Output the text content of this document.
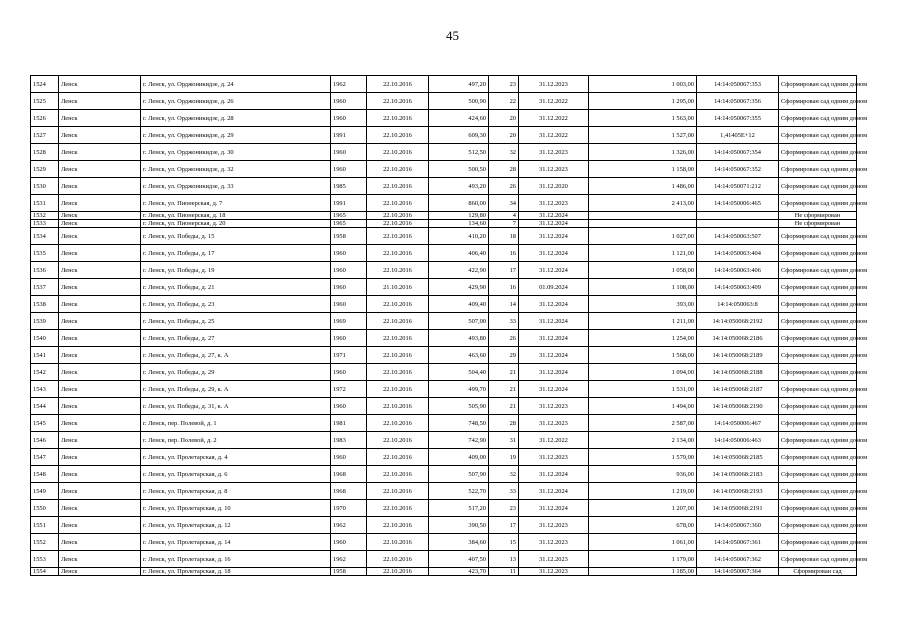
45
1524	Ленск	г. Ленск, ул. Орджоникидзе, д. 24	1962	22.10.2016	497,20	23	31.12.2023	1 003,00	14:14:050067:353	Сформирован сад одним домом
1525	Ленск	г. Ленск, ул. Орджоникидзе, д. 26	1960	22.10.2016	500,90	22	31.12.2022	1 295,00	14:14:050067:356	Сформирован сад одним домом
1526	Ленск	г. Ленск, ул. Орджоникидзе, д. 28	1960	22.10.2016	424,60	20	31.12.2022	1 563,00	14:14:050067:355	Сформирован сад одним домом
1527	Ленск	г. Ленск, ул. Орджоникидзе, д. 29	1991	22.10.2016	609,30	20	31.12.2022	1 527,00	1,41405E+12	Сформирован сад одним домом
1528	Ленск	г. Ленск, ул. Орджоникидзе, д. 30	1960	22.10.2016	512,50	32	31.12.2023	1 326,00	14:14:050067:354	Сформирован сад одним домом
1529	Ленск	г. Ленск, ул. Орджоникидзе, д. 32	1960	22.10.2016	500,50	28	31.12.2023	1 158,00	14:14:050067:352	Сформирован сад одним домом
1530	Ленск	г. Ленск, ул. Орджоникидзе, д. 33	1985	22.10.2016	493,20	26	31.12.2020	1 486,00	14:14:050071:212	Сформирован сад одним домом
1531	Ленск	г. Ленск, ул. Пионерская, д. 7	1991	22.10.2016	860,00	34	31.12.2023	2 413,00	14:14:050006:465	Сформирован сад одним домом
1532	Ленск	г. Ленск, ул. Пионерская, д. 18	1965	22.10.2016	129,80	4	31.12.2024			Не сформирован
1533	Ленск	г. Ленск, ул. Пионерская, д. 20	1965	22.10.2016	134,60	7	31.12.2024			Не сформирован
1534	Ленск	г. Ленск, ул. Победы, д. 15	1958	22.10.2016	410,20	18	31.12.2024	1 027,00	14:14:050063:507	Сформирован сад одним домом
1535	Ленск	г. Ленск, ул. Победы, д. 17	1960	22.10.2016	406,40	16	31.12.2024	1 121,00	14:14:050063:404	Сформирован сад одним домом
1536	Ленск	г. Ленск, ул. Победы, д. 19	1960	22.10.2016	422,90	17	31.12.2024	1 058,00	14:14:050063:406	Сформирован сад одним домом
1537	Ленск	г. Ленск, ул. Победы, д. 21	1960	21.10.2016	429,90	16	01.09.2024	1 108,00	14:14:050063:409	Сформирован сад одним домом
1538	Ленск	г. Ленск, ул. Победы, д. 23	1960	22.10.2016	409,40	14	31.12.2024	393,00	14:14:050063:8	Сформирован сад одним домом
1539	Ленск	г. Ленск, ул. Победы, д. 25	1969	22.10.2016	507,00	33	31.12.2024	1 211,00	14:14:050068:2192	Сформирован сад одним домом
1540	Ленск	г. Ленск, ул. Победы, д. 27	1960	22.10.2016	493,80	26	31.12.2024	1 254,00	14:14:050068:2186	Сформирован сад одним домом
1541	Ленск	г. Ленск, ул. Победы, д. 27, к. А	1971	22.10.2016	463,60	29	31.12.2024	1 568,00	14:14:050068:2189	Сформирован сад одним домом
1542	Ленск	г. Ленск, ул. Победы, д. 29	1960	22.10.2016	504,40	21	31.12.2024	1 094,00	14:14:050068:2188	Сформирован сад одним домом
1543	Ленск	г. Ленск, ул. Победы, д. 29, к. А	1972	22.10.2016	499,70	21	31.12.2024	1 531,00	14:14:050068:2187	Сформирован сад одним домом
1544	Ленск	г. Ленск, ул. Победы, д. 31, к. А	1960	22.10.2016	505,90	21	31.12.2023	1 494,00	14:14:050068:2190	Сформирован сад одним домом
1545	Ленск	г. Ленск, пер. Полевой, д. 1	1981	22.10.2016	748,50	28	31.12.2023	2 587,00	14:14:050006:467	Сформирован сад одним домом
1546	Ленск	г. Ленск, пер. Полевой, д. 2	1983	22.10.2016	742,90	31	31.12.2022	2 134,00	14:14:050006:463	Сформирован сад одним домом
1547	Ленск	г. Ленск, ул. Пролетарская, д. 4	1960	22.10.2016	409,00	19	31.12.2023	1 579,00	14:14:050068:2185	Сформирован сад одним домом
1548	Ленск	г. Ленск, ул. Пролетарская, д. 6	1968	22.10.2016	507,90	32	31.12.2024	936,00	14:14:050068:2183	Сформирован сад одним домом
1549	Ленск	г. Ленск, ул. Пролетарская, д. 8	1968	22.10.2016	522,70	33	31.12.2024	1 219,00	14:14:050068:2193	Сформирован сад одним домом
1550	Ленск	г. Ленск, ул. Пролетарская, д. 10	1970	22.10.2016	517,20	23	31.12.2024	1 207,00	14:14:050068:2191	Сформирован сад одним домом
1551	Ленск	г. Ленск, ул. Пролетарская, д. 12	1962	22.10.2016	390,50	17	31.12.2023	678,00	14:14:050067:360	Сформирован сад одним домом
1552	Ленск	г. Ленск, ул. Пролетарская, д. 14	1960	22.10.2016	384,60	15	31.12.2023	1 061,00	14:14:050067:361	Сформирован сад одним домом
1553	Ленск	г. Ленск, ул. Пролетарская, д. 16	1962	22.10.2016	407,50	13	31.12.2023	1 179,00	14:14:050067:362	Сформирован сад одним домом
1554	Ленск	г. Ленск, ул. Пролетарская, д. 18	1958	22.10.2016	423,70	11	31.12.2023	1 185,00	14:14:050067:364	Сформирован сад
